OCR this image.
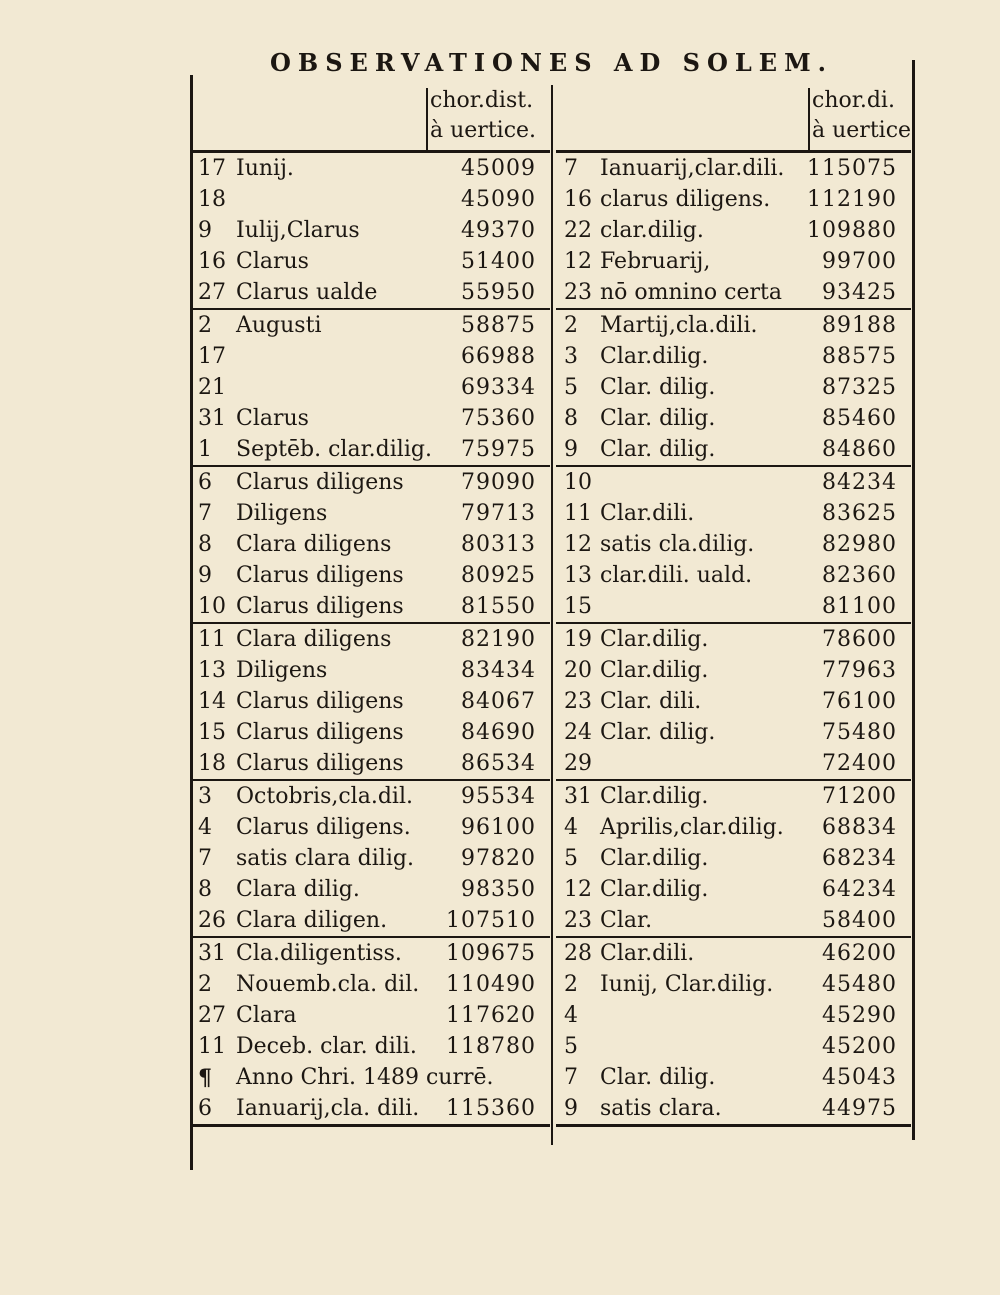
OBSERVATIONES AD SOLEM.
chor.dist.
à uertice.
17 Iunij.	45009
18	45090
9 Iulij,Clarus	49370
16 Clarus	51400
27 Clarus ualde	55950
2 Augusti	58875
17	66988
21	69334
31 Clarus	75360
1 Septēb. clar.dilig. 75975
6 Clarus diligens	79090
7 Diligens	79713
8 Clara diligens	80313
9 Clarus diligens	80925
10 Clarus diligens	81550
11 Clara diligens	82190
13 Diligens	83434
14 Clarus diligens	84067
15 Clarus diligens	84690
18 Clarus diligens	86534
3 Octobris,cla.dil. 95534
4 Clarus diligens. 96100
7 satis clara dilig. 97820
8 Clara dilig.	98350
26 Clara diligen.	107510
31 Cla.diligentiss. 109675
2 Nouemb.cla. dil. 110490
27 Clara	117620
11 Deceb. clar. dili. 118780
¶ Anno Chri. 1489 currē.
6 Ianuarij,cla. dili. 115360
chor.di.
à uertice
7 Ianuarij,clar.dili. 115075
16 clarus diligens. 112190
22 clar.dilig.	109880
12 Februarij,	99700
23 nō omnino certa 93425
2 Martij,cla.dili.	89188
3 Clar.dilig.	88575
5 Clar. dilig.	87325
8 Clar. dilig.	85460
9 Clar. dilig.	84860
10	84234
11 Clar.dili.	83625
12 satis cla.dilig.	82980
13 clar.dili. uald.	82360
15	81100
19 Clar.dilig.	78600
20 Clar.dilig.	77963
23 Clar. dili.	76100
24 Clar. dilig.	75480
29	72400
31 Clar.dilig.	71200
4 Aprilis,clar.dilig. 68834
5 Clar.dilig.	68234
12 Clar.dilig.	64234
23 Clar.	58400
28 Clar.dili.	46200
2 Iunij, Clar.dilig. 45480
4	45290
5	45200
7 Clar. dilig.	45043
9 satis clara.	44975
